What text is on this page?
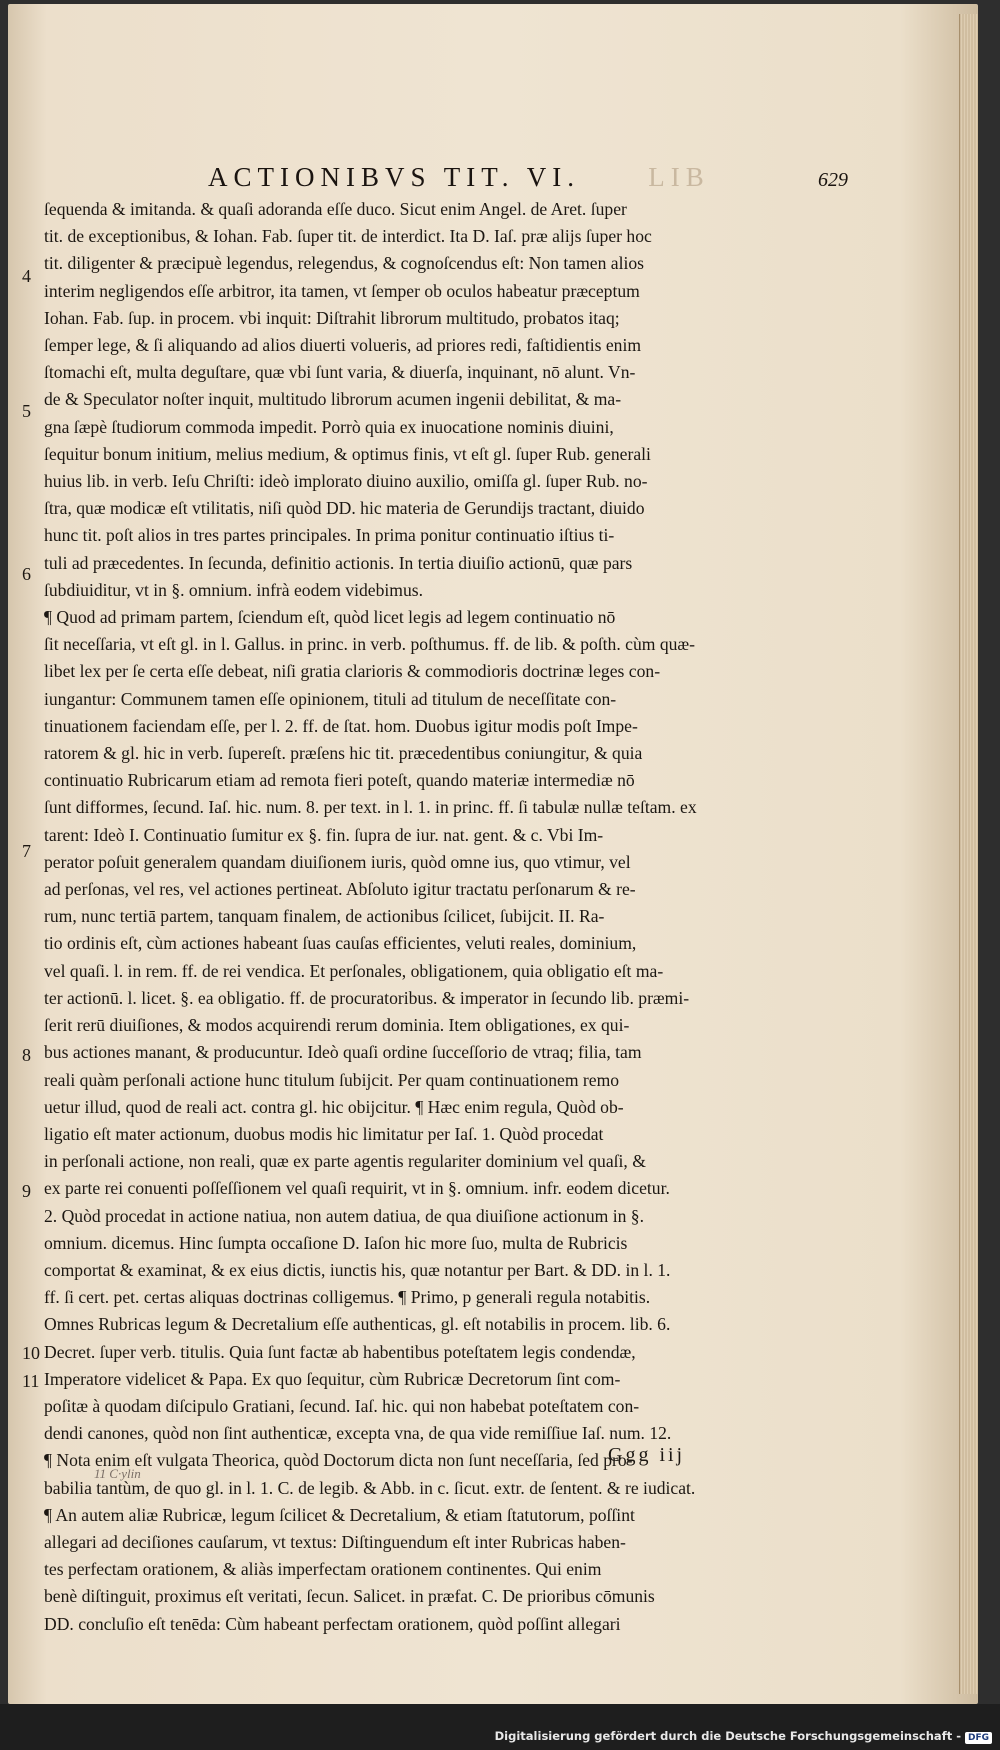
ACTIONIBVS TIT. VI.	LIB	629
4
5
6
7
8
9
10
11
ſequenda & imitanda. & quaſi adoranda eſſe duco. Sicut enim Angel. de Aret. ſuper
tit. de exceptionibus, & Iohan. Fab. ſuper tit. de interdict. Ita D. Iaſ. præ alijs ſuper hoc
tit. diligenter & præcipuè legendus, relegendus, & cognoſcendus eſt: Non tamen alios
interim negligendos eſſe arbitror, ita tamen, vt ſemper ob oculos habeatur præceptum
Iohan. Fab. ſup. in procem. vbi inquit: Diſtrahit librorum multitudo, probatos itaq;
ſemper lege, & ſi aliquando ad alios diuerti volueris, ad priores redi, faſtidientis enim
ſtomachi eſt, multa deguſtare, quæ vbi ſunt varia, & diuerſa, inquinant, nō alunt. Vn-
de & Speculator noſter inquit, multitudo librorum acumen ingenii debilitat, & ma-
gna ſæpè ſtudiorum commoda impedit. Porrò quia ex inuocatione nominis diuini,
ſequitur bonum initium, melius medium, & optimus finis, vt eſt gl. ſuper Rub. generali
huius lib. in verb. Ieſu Chriſti: ideò implorato diuino auxilio, omiſſa gl. ſuper Rub. no-
ſtra, quæ modicæ eſt vtilitatis, niſi quòd DD. hic materia de Gerundijs tractant, diuido
hunc tit. poſt alios in tres partes principales. In prima ponitur continuatio iſtius ti-
tuli ad præcedentes. In ſecunda, definitio actionis. In tertia diuiſio actionū, quæ pars
ſubdiuiditur, vt in §. omnium. infrà eodem videbimus.
¶ Quod ad primam partem, ſciendum eſt, quòd licet legis ad legem continuatio nō
ſit neceſſaria, vt eſt gl. in l. Gallus. in princ. in verb. poſthumus. ff. de lib. & poſth. cùm quæ-
libet lex per ſe certa eſſe debeat, niſi gratia clarioris & commodioris doctrinæ leges con-
iungantur: Communem tamen eſſe opinionem, tituli ad titulum de neceſſitate con-
tinuationem faciendam eſſe, per l. 2. ff. de ſtat. hom. Duobus igitur modis poſt Impe-
ratorem & gl. hic in verb. ſupereſt. præſens hic tit. præcedentibus coniungitur, & quia
continuatio Rubricarum etiam ad remota fieri poteſt, quando materiæ intermediæ nō
ſunt difformes, ſecund. Iaſ. hic. num. 8. per text. in l. 1. in princ. ff. ſi tabulæ nullæ teſtam. ex
tarent: Ideò I. Continuatio ſumitur ex §. fin. ſupra de iur. nat. gent. & c. Vbi Im-
perator poſuit generalem quandam diuiſionem iuris, quòd omne ius, quo vtimur, vel
ad perſonas, vel res, vel actiones pertineat. Abſoluto igitur tractatu perſonarum & re-
rum, nunc tertiā partem, tanquam finalem, de actionibus ſcilicet, ſubijcit. II. Ra-
tio ordinis eſt, cùm actiones habeant ſuas cauſas efficientes, veluti reales, dominium,
vel quaſi. l. in rem. ff. de rei vendica. Et perſonales, obligationem, quia obligatio eſt ma-
ter actionū. l. licet. §. ea obligatio. ff. de procuratoribus. & imperator in ſecundo lib. præmi-
ſerit rerū diuiſiones, & modos acquirendi rerum dominia. Item obligationes, ex qui-
bus actiones manant, & producuntur. Ideò quaſi ordine ſucceſſorio de vtraq; filia, tam
reali quàm perſonali actione hunc titulum ſubijcit. Per quam continuationem remo
uetur illud, quod de reali act. contra gl. hic obijcitur. ¶ Hæc enim regula, Quòd ob-
ligatio eſt mater actionum, duobus modis hic limitatur per Iaſ. 1. Quòd procedat
in perſonali actione, non reali, quæ ex parte agentis regulariter dominium vel quaſi, &
ex parte rei conuenti poſſeſſionem vel quaſi requirit, vt in §. omnium. infr. eodem dicetur.
2. Quòd procedat in actione natiua, non autem datiua, de qua diuiſione actionum in §.
omnium. dicemus. Hinc ſumpta occaſione D. Iaſon hic more ſuo, multa de Rubricis
comportat & examinat, & ex eius dictis, iunctis his, quæ notantur per Bart. & DD. in l. 1.
ff. ſi cert. pet. certas aliquas doctrinas colligemus. ¶ Primo, p generali regula notabitis.
Omnes Rubricas legum & Decretalium eſſe authenticas, gl. eſt notabilis in procem. lib. 6.
Decret. ſuper verb. titulis. Quia ſunt factæ ab habentibus poteſtatem legis condendæ,
Imperatore videlicet & Papa. Ex quo ſequitur, cùm Rubricæ Decretorum ſint com-
poſitæ à quodam diſcipulo Gratiani, ſecund. Iaſ. hic. qui non habebat poteſtatem con-
dendi canones, quòd non ſint authenticæ, excepta vna, de qua vide remiſſiue Iaſ. num. 12.
¶ Nota enim eſt vulgata Theorica, quòd Doctorum dicta non ſunt neceſſaria, ſed pro-
babilia tantùm, de quo gl. in l. 1. C. de legib. & Abb. in c. ſicut. extr. de ſentent. & re iudicat.
¶ An autem aliæ Rubricæ, legum ſcilicet & Decretalium, & etiam ſtatutorum, poſſint
allegari ad deciſiones cauſarum, vt textus: Diſtinguendum eſt inter Rubricas haben-
tes perfectam orationem, & aliàs imperfectam orationem continentes. Qui enim
benè diſtinguit, proximus eſt veritati, ſecun. Salicet. in præfat. C. De prioribus cōmunis
DD. concluſio eſt tenēda: Cùm habeant perfectam orationem, quòd poſſint allegari
Ggg iij
11 C·ylin
Digitalisierung gefördert durch die Deutsche Forschungsgemeinschaft - DFG
